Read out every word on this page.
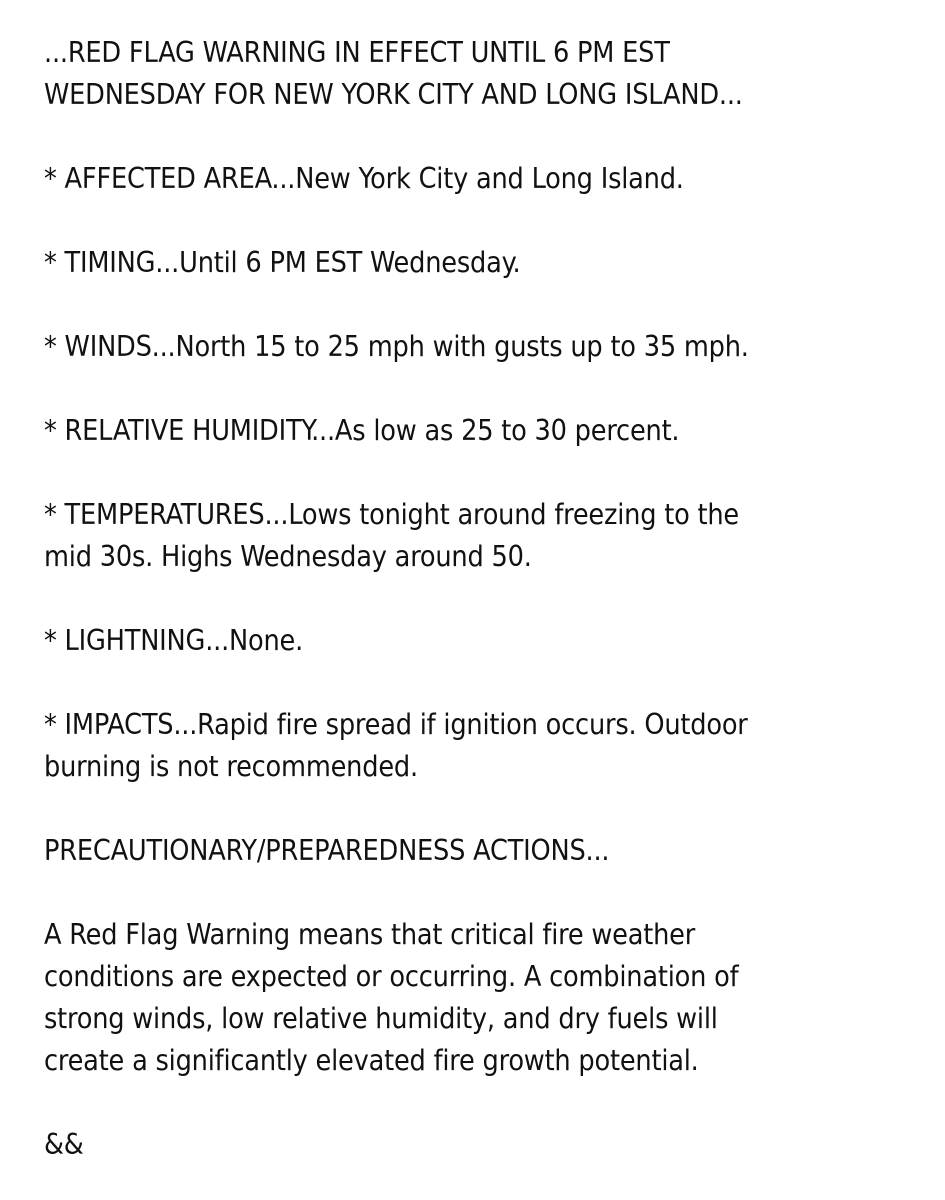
...RED FLAG WARNING IN EFFECT UNTIL 6 PM EST
WEDNESDAY FOR NEW YORK CITY AND LONG ISLAND...

* AFFECTED AREA...New York City and Long Island.

* TIMING...Until 6 PM EST Wednesday.

* WINDS...North 15 to 25 mph with gusts up to 35 mph.

* RELATIVE HUMIDITY...As low as 25 to 30 percent.

* TEMPERATURES...Lows tonight around freezing to the
mid 30s. Highs Wednesday around 50.

* LIGHTNING...None.

* IMPACTS...Rapid fire spread if ignition occurs. Outdoor
burning is not recommended.

PRECAUTIONARY/PREPAREDNESS ACTIONS...

A Red Flag Warning means that critical fire weather
conditions are expected or occurring. A combination of
strong winds, low relative humidity, and dry fuels will
create a significantly elevated fire growth potential.

&&
